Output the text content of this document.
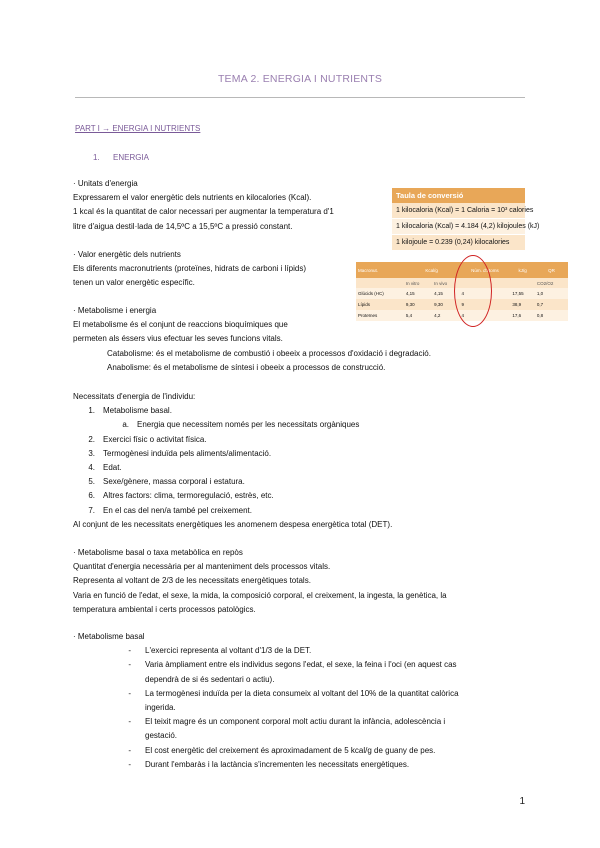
TEMA 2. ENERGIA I NUTRIENTS
PART I → ENERGIA I NUTRIENTS
1. ENERGIA

· Unitats d'energia

Expressarem el valor energètic dels nutrients en kilocalories (Kcal).

1 kcal és la quantitat de calor necessari per augmentar la temperatura d'1

litre d'aigua destil·lada de 14,5ºC a 15,5ºC a pressió constant.

Taula de conversió
1 kilocaloria (Kcal) = 1 Caloria = 10³ calories
1 kilocaloria (Kcal) = 4.184 (4,2) kilojoules (kJ)
1 kilojoule = 0.239 (0,24) kilocalories

· Valor energètic dels nutrients

Els diferents macronutrients (proteïnes, hidrats de carboni i lípids)

tenen un valor energètic específic.

Macronut.	Kcal/g		Núm. d'àtoms	kJ/g	QR
	In vitro	In vivo			CO2/O2
Glúcids (HC)	4,15	4,15	4	17,55	1,0
Lípids	9,30	9,30	9	38,9	0,7
Proteïnes	5,4	4,2	4	17,6	0,8

· Metabolisme i energia

El metabolisme és el conjunt de reaccions bioquímiques que

permeten als éssers vius efectuar les seves funcions vitals.

Catabolisme: és el metabolisme de combustió i obeeix a processos d'oxidació i degradació.

Anabolisme: és el metabolisme de síntesi i obeeix a processos de construcció.

Necessitats d'energia de l'individu:

1. Metabolisme basal.
a. Energia que necessitem només per les necessitats orgàniques
2. Exercici físic o activitat física.
3. Termogènesi induïda pels aliments/alimentació.
4. Edat.
5. Sexe/gènere, massa corporal i estatura.
6. Altres factors: clima, termoregulació, estrès, etc.
7. En el cas del nen/a també pel creixement.

Al conjunt de les necessitats energètiques les anomenem despesa energètica total (DET).

· Metabolisme basal o taxa metabòlica en repòs

Quantitat d'energia necessària per al manteniment dels processos vitals.

Representa al voltant de 2/3 de les necessitats energètiques totals.

Varia en funció de l'edat, el sexe, la mida, la composició corporal, el creixement, la ingesta, la genètica, la

temperatura ambiental i certs processos patològics.

· Metabolisme basal

-	L'exercici representa al voltant d'1/3 de la DET.
-	Varia àmpliament entre els individus segons l'edat, el sexe, la feina i l'oci (en aquest cas
dependrà de si és sedentari o actiu).
-	La termogènesi induïda per la dieta consumeix al voltant del 10% de la quantitat calòrica
ingerida.
-	El teixit magre és un component corporal molt actiu durant la infància, adolescència i
gestació.
-	El cost energètic del creixement és aproximadament de 5 kcal/g de guany de pes.
-	Durant l'embaràs i la lactància s'incrementen les necessitats energètiques.
1
